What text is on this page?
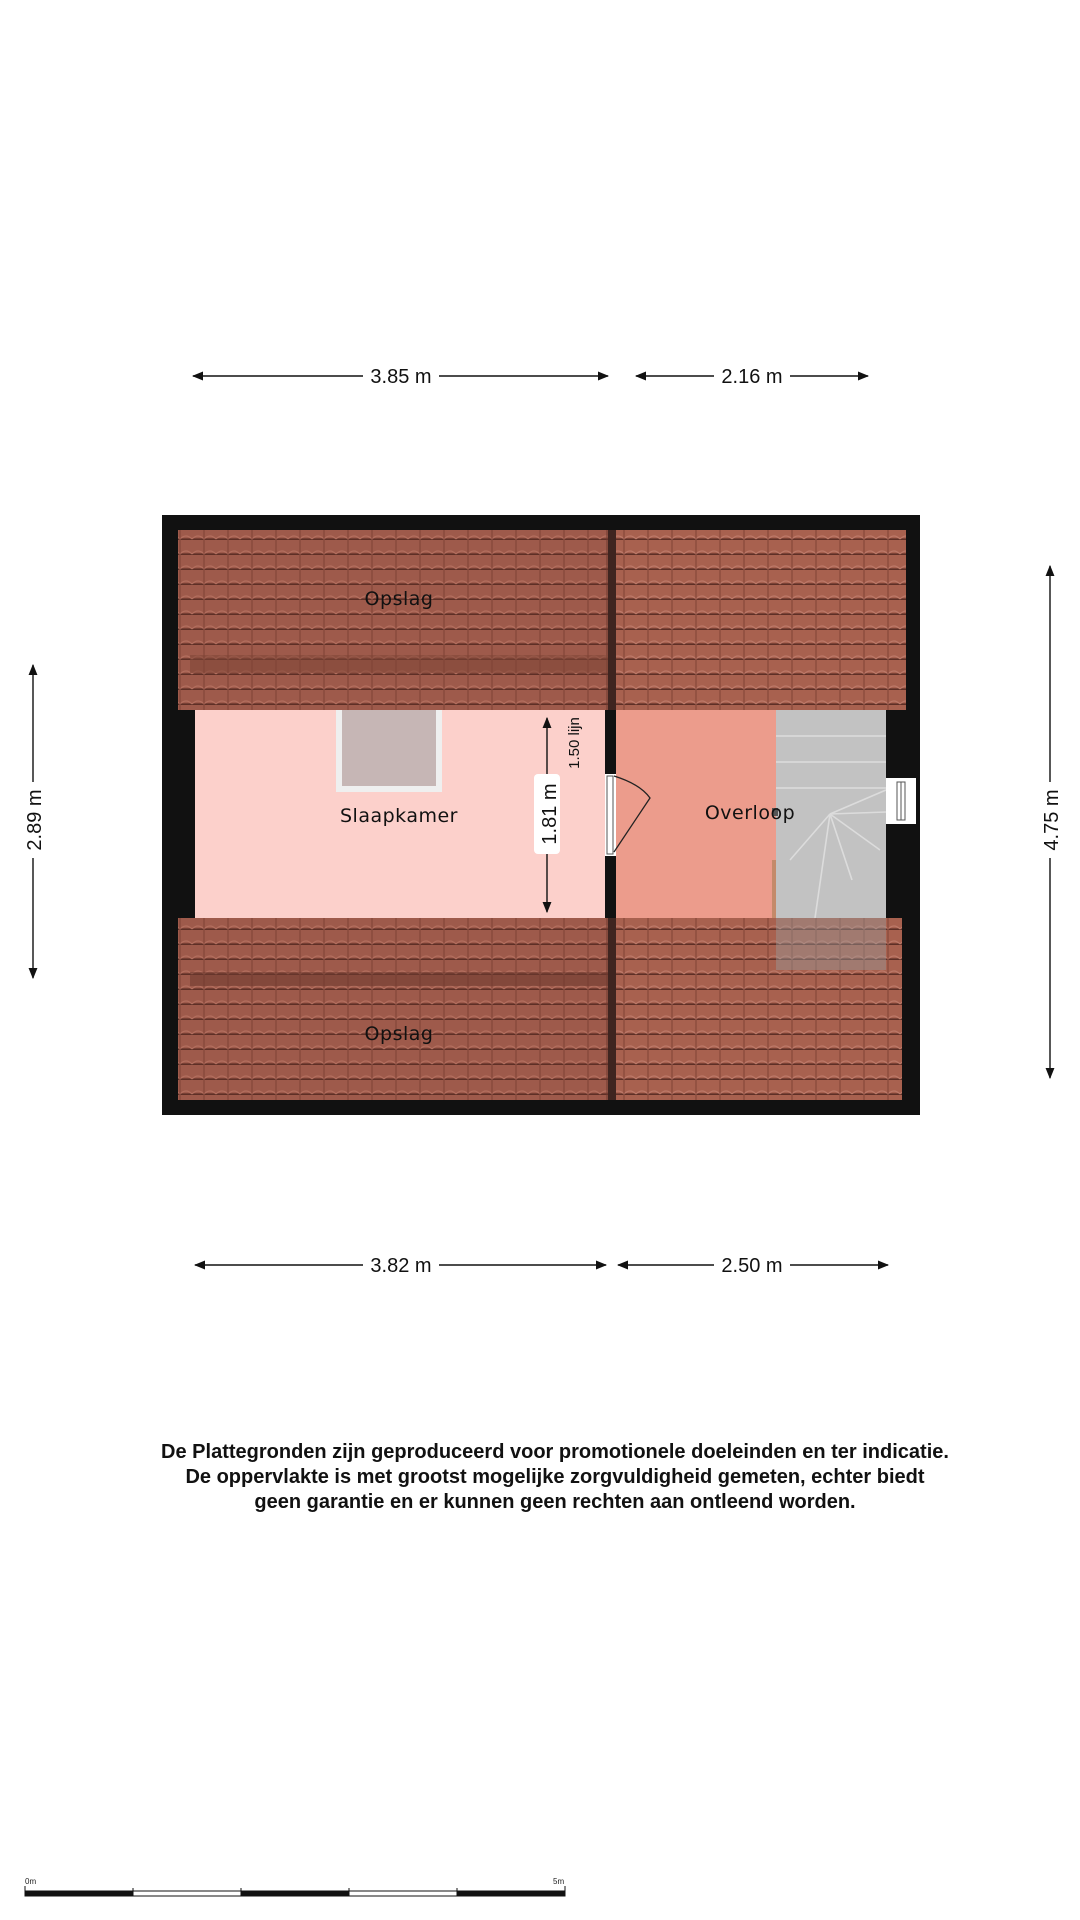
Opslag
Slaapkamer	Overloop
Opslag
1.81 m
1.50 lijn
3.85 m	2.16 m
3.82 m	2.50 m
2.89 m	4.75 m
0m	5m
De Plattegronden zijn geproduceerd voor promotionele doeleinden en ter indicatie.
De oppervlakte is met grootst mogelijke zorgvuldigheid gemeten, echter biedt
geen garantie en er kunnen geen rechten aan ontleend worden.
